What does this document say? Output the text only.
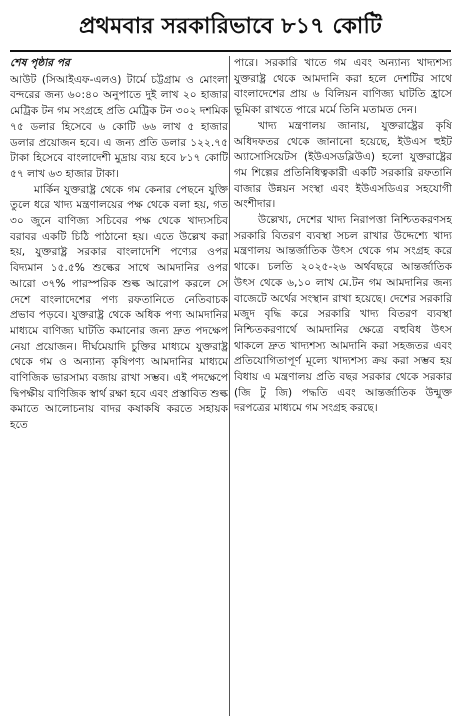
প্রথমবার সরকারিভাবে ৮১৭ কোটি
শেষ পৃষ্ঠার পর

আউট (সিআইএফ-এলও) টার্মে চট্টগ্রাম ও মোংলা বন্দরের জন্য ৬০:৪০ অনুপাতে দুই লাখ ২০ হাজার মেট্রিক টন গম সংগ্রহে প্রতি মেট্রিক টন ৩০২ দশমিক ৭৫ ডলার হিসেবে ৬ কোটি ৬৬ লাখ ৫ হাজার ডলার প্রয়োজন হবে। এ জন্য প্রতি ডলার ১২২.৭৫ টাকা হিসেবে বাংলাদেশী মুদ্রায় ব্যয় হবে ৮১৭ কোটি ৫৭ লাখ ৬৩ হাজার টাকা।

মার্কিন যুক্তরাষ্ট্র থেকে গম কেনার পেছনে যুক্তি তুলে ধরে খাদ্য মন্ত্রণালয়ের পক্ষ থেকে বলা হয়, গত ৩০ জুনে বাণিজ্য সচিবের পক্ষ থেকে খাদ্যসচিব বরাবর একটি চিঠি পাঠানো হয়। এতে উল্লেখ করা হয়, যুক্তরাষ্ট্র সরকার বাংলাদেশি পণ্যের ওপর বিদ্যমান ১৫.৫% শুল্কের সাথে আমদানির ওপর আরো ৩৭% পারস্পরিক শুল্ক আরোপ করলে সে দেশে বাংলাদেশের পণ্য রফতানিতে নেতিবাচক প্রভাব পড়বে। যুক্তরাষ্ট্র থেকে অধিক পণ্য আমদানির মাধ্যমে বাণিজ্য ঘাটতি কমানোর জন্য দ্রুত পদক্ষেপ নেয়া প্রয়োজন। দীর্ঘমেয়াদি চুক্তির মাধ্যমে যুক্তরাষ্ট্র থেকে গম ও অন্যান্য কৃষিপণ্য আমদানির মাধ্যমে বাণিজিক ভারসাম্য বজায় রাখা সম্ভব। এই পদক্ষেপে দ্বিপক্ষীয় বাণিজিক স্বার্থ রক্ষা হবে এবং প্রস্তাবিত শুল্ক কমাতে আলোচনায় বাদর কষাকষি করতে সহায়ক হতে

পারে। সরকারি খাতে গম এবং অন্যান্য খাদ্যশস্য যুক্তরাষ্ট্র থেকে আমদানি করা হলে দেশটির সাথে বাংলাদেশের প্রায় ৬ বিলিয়ন বাণিজ্য ঘাটতি হ্রাসে ভূমিকা রাখতে পারে মর্মে তিনি মতামত দেন।

খাদ্য মন্ত্রণালয় জানায়, যুক্তরাষ্ট্রের কৃষি অধিদফতর থেকে জানানো হয়েছে, ইউএস হুইট অ্যাসোসিয়েটস (ইউএসডব্লিউএ) হলো যুক্তরাষ্ট্রের গম শিল্পের প্রতিনিধিত্বকারী একটি সরকারি রফতানি বাজার উন্নয়ন সংস্থা এবং ইউএসডিএর সহযোগী অংশীদার।

উল্লেখ্য, দেশের খাদ্য নিরাপত্তা নিশ্চিতকরণসহ সরকারি বিতরণ ব্যবস্থা সচল রাখার উদ্দেশ্যে খাদ্য মন্ত্রণালয় আন্তর্জাতিক উৎস থেকে গম সংগ্রহ করে থাকে। চলতি ২০২৫-২৬ অর্থবছরে আন্তর্জাতিক উৎস থেকে ৬,১০ লাখ মে.টন গম আমদানির জন্য বাজেটে অর্থের সংস্থান রাখা হয়েছে। দেশের সরকারি মজুদ বৃদ্ধি করে সরকারি খাদ্য বিতরণ ব্যবস্থা নিশ্চিতকরণার্থে আমদানির ক্ষেত্রে বহুবিধ উৎস থাকলে দ্রুত খাদ্যশস্য আমদানি করা সহজতর এবং প্রতিযোগিতাপূর্ণ মূল্যে খাদ্যশস্য ক্রয় করা সম্ভব হয় বিধায় এ মন্ত্রণালয় প্রতি বছর সরকার থেকে সরকার (জি টু জি) পদ্ধতি এবং আন্তর্জাতিক উন্মুক্ত দরপত্রের মাধ্যমে গম সংগ্রহ করছে।
